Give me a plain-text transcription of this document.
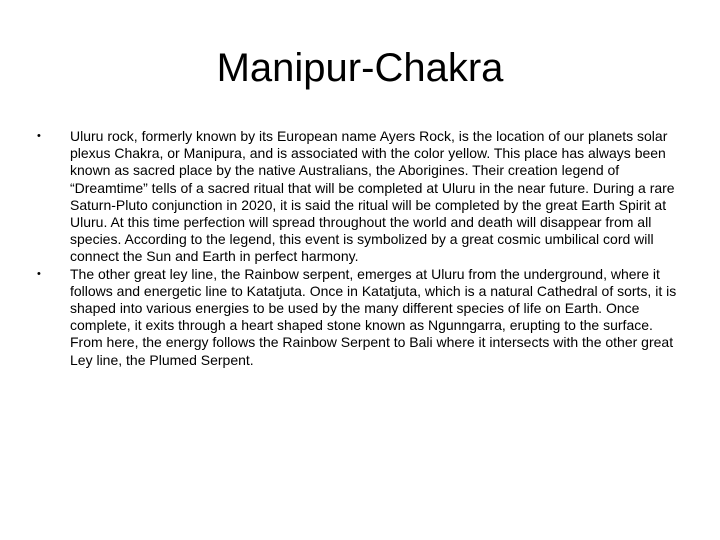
Manipur-Chakra
• Uluru rock, formerly known by its European name Ayers Rock, is the location of our planets solar plexus Chakra, or Manipura, and is associated with the color yellow. This place has always been known as sacred place by the native Australians, the Aborigines. Their creation legend of “Dreamtime” tells of a sacred ritual that will be completed at Uluru in the near future. During a rare Saturn-Pluto conjunction in 2020, it is said the ritual will be completed by the great Earth Spirit at Uluru. At this time perfection will spread throughout the world and death will disappear from all species. According to the legend, this event is symbolized by a great cosmic umbilical cord will connect the Sun and Earth in perfect harmony.
• The other great ley line, the Rainbow serpent, emerges at Uluru from the underground, where it follows and energetic line to Katatjuta. Once in Katatjuta, which is a natural Cathedral of sorts, it is shaped into various energies to be used by the many different species of life on Earth. Once complete, it exits through a heart shaped stone known as Ngunngarra, erupting to the surface. From here, the energy follows the Rainbow Serpent to Bali where it intersects with the other great Ley line, the Plumed Serpent.
